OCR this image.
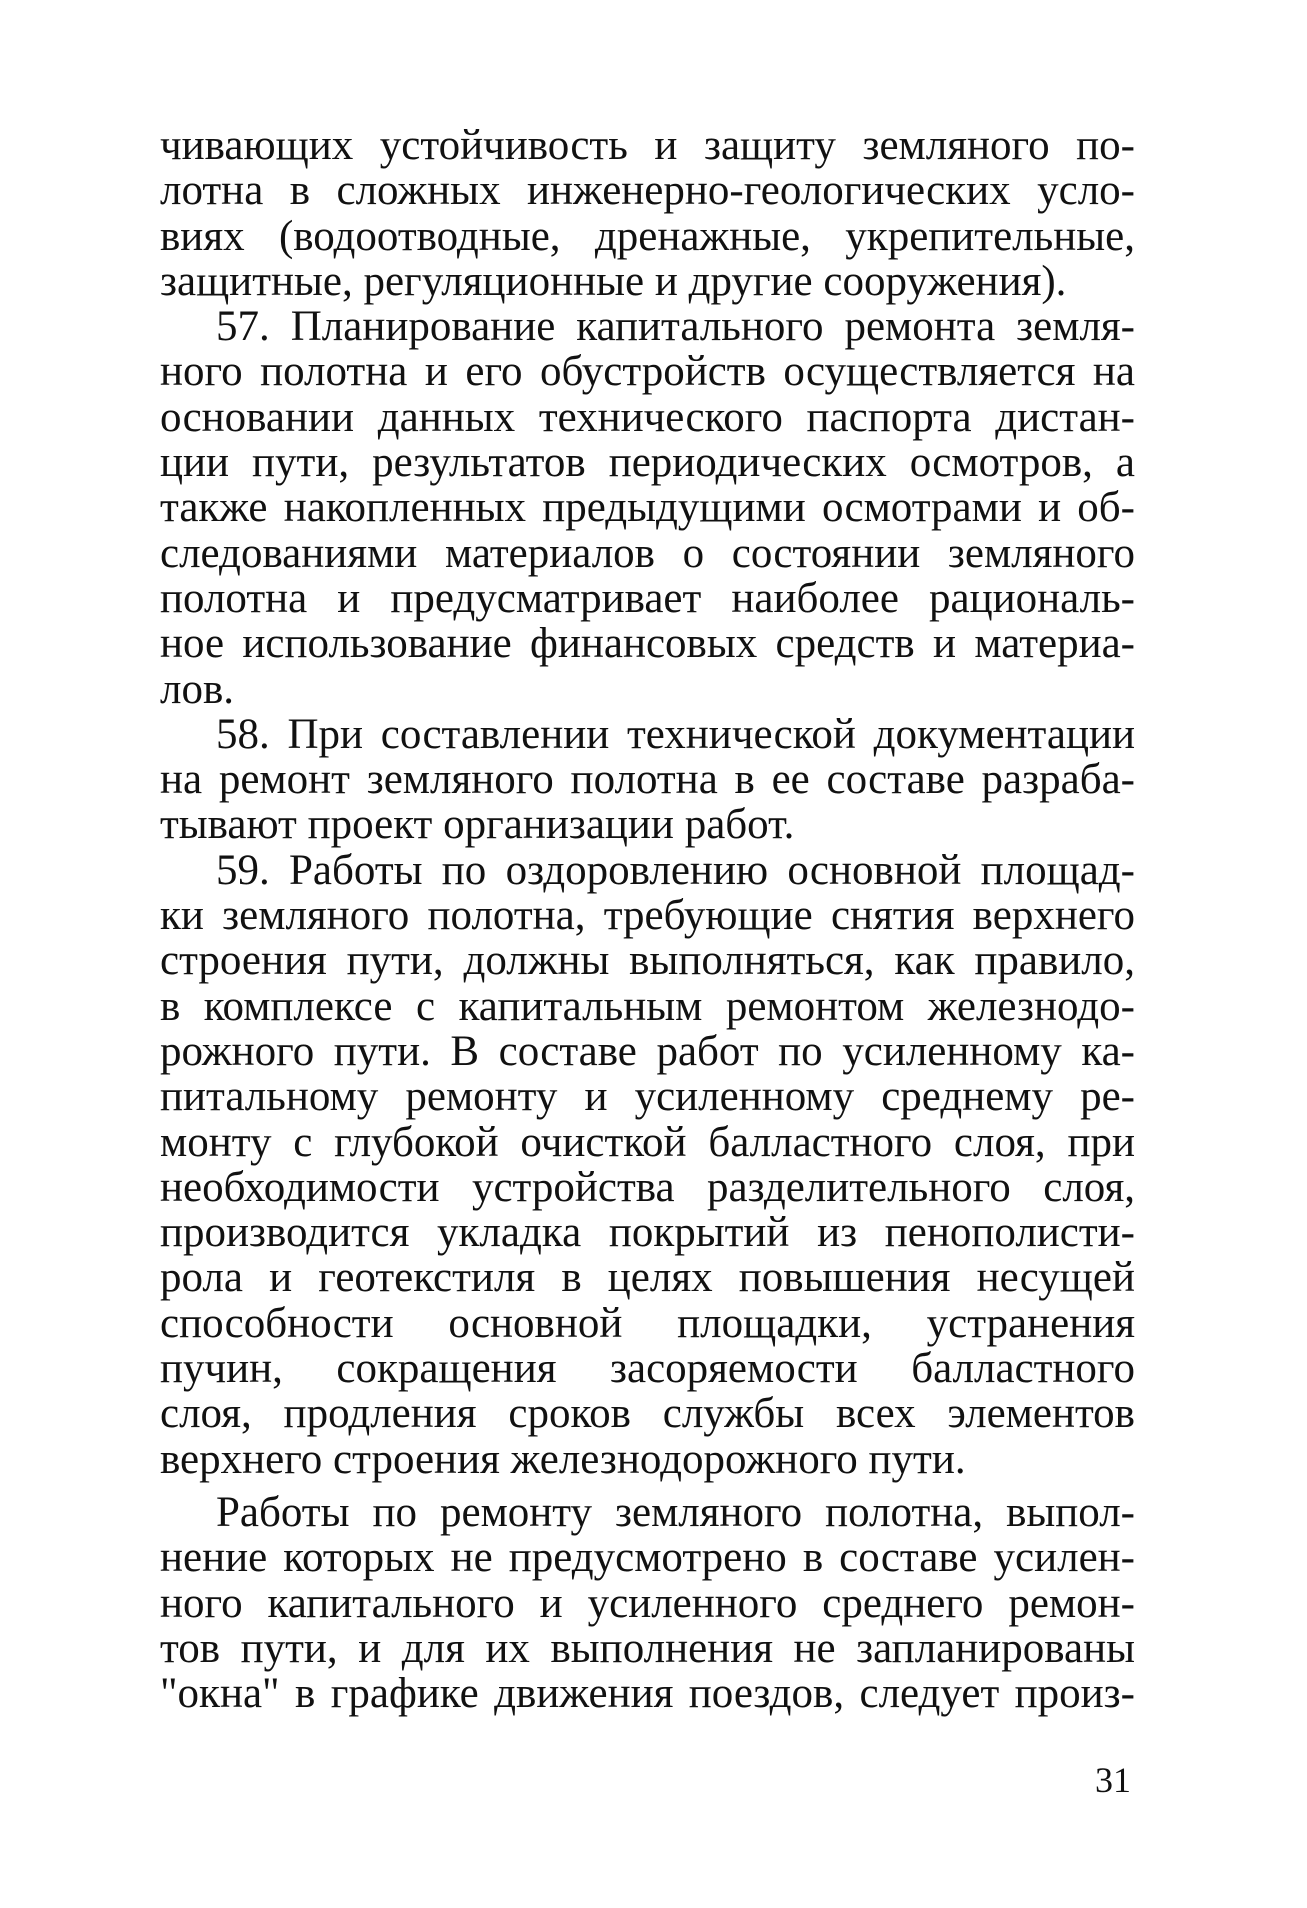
чивающих устойчивость и защиту земляного по-
лотна в сложных инженерно-геологических усло-
виях (водоотводные, дренажные, укрепительные,
защитные, регуляционные и другие сооружения).
57. Планирование капитального ремонта земля-
ного полотна и его обустройств осуществляется на
основании данных технического паспорта дистан-
ции пути, результатов периодических осмотров, а
также накопленных предыдущими осмотрами и об-
следованиями материалов о состоянии земляного
полотна и предусматривает наиболее рациональ-
ное использование финансовых средств и материа-
лов.
58. При составлении технической документации
на ремонт земляного полотна в ее составе разраба-
тывают проект организации работ.
59. Работы по оздоровлению основной площад-
ки земляного полотна, требующие снятия верхнего
строения пути, должны выполняться, как правило,
в комплексе с капитальным ремонтом железнодо-
рожного пути. В составе работ по усиленному ка-
питальному ремонту и усиленному среднему ре-
монту с глубокой очисткой балластного слоя, при
необходимости устройства разделительного слоя,
производится укладка покрытий из пенополисти-
рола и геотекстиля в целях повышения несущей
способности основной площадки, устранения
пучин, сокращения засоряемости балластного
слоя, продления сроков службы всех элементов
верхнего строения железнодорожного пути.
Работы по ремонту земляного полотна, выпол-
нение которых не предусмотрено в составе усилен-
ного капитального и усиленного среднего ремон-
тов пути, и для их выполнения не запланированы
"окна" в графике движения поездов, следует произ-
31
